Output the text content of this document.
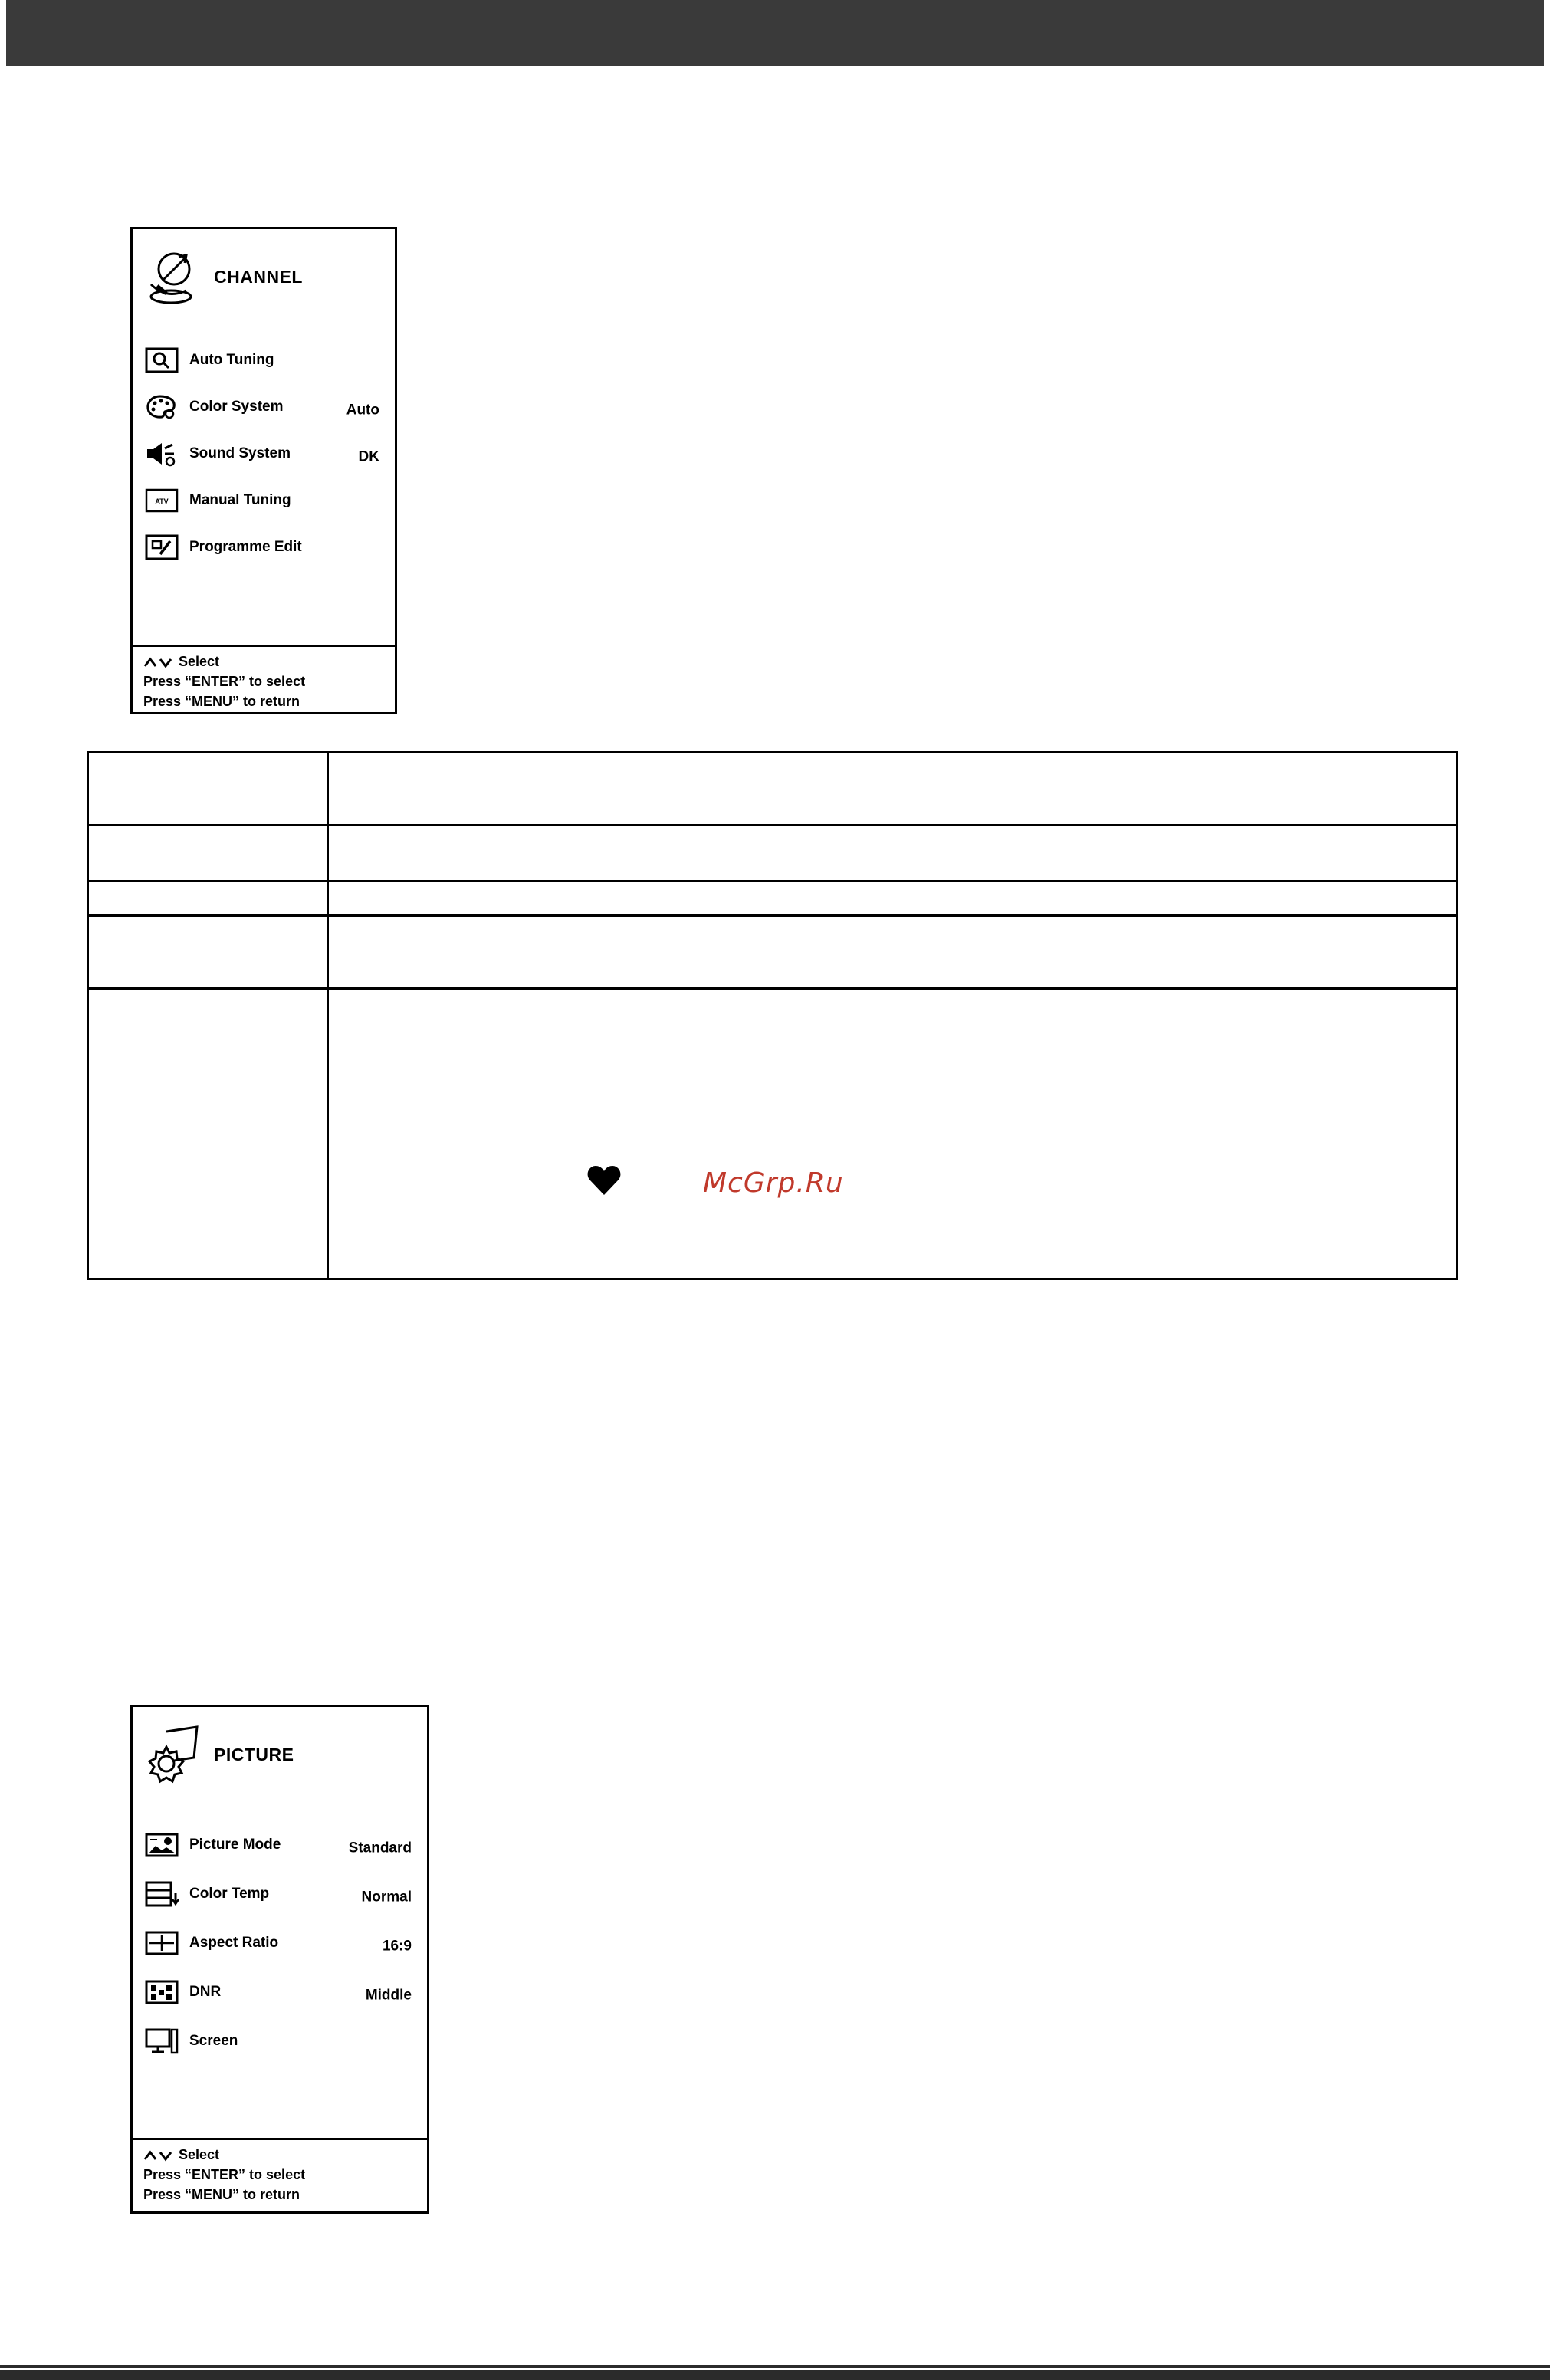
CHANNEL
Auto Tuning
Color System	Auto
Sound System	DK
ATV Manual Tuning
Programme Edit
Select
Press “ENTER” to select
Press “MENU” to return

	McGrp.Ru
PICTURE
Picture Mode	Standard
Color Temp	Normal
Aspect Ratio	16:9
DNR	Middle
Screen
Select
Press “ENTER” to select
Press “MENU” to return
